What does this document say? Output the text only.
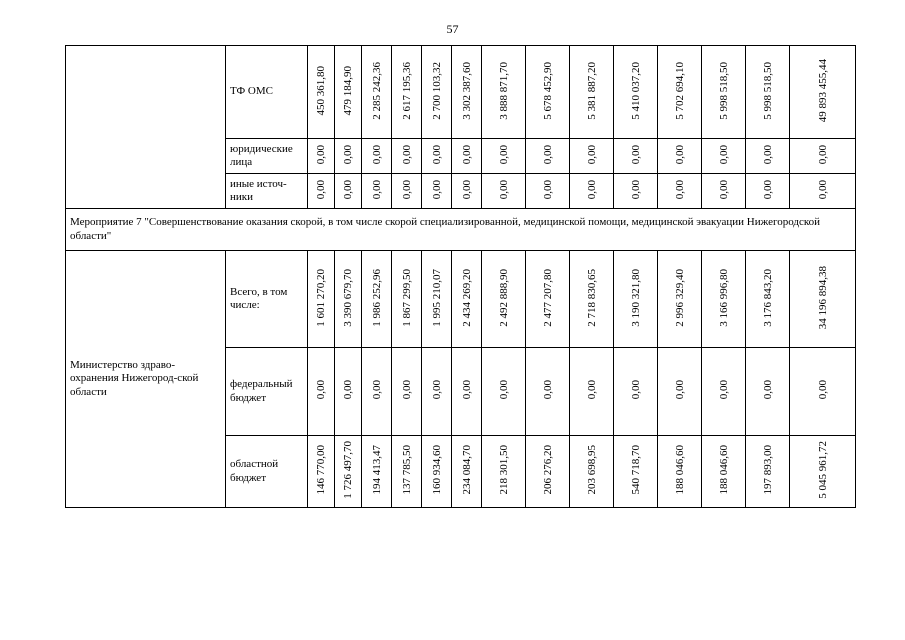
57
	ТФ ОМС	450 361,80	479 184,90	2 285 242,36	2 617 195,36	2 700 103,32	3 302 387,60	3 888 871,70	5 678 452,90	5 381 887,20	5 410 037,20	5 702 694,10	5 998 518,50	5 998 518,50	49 893 455,44
	юридические лица	0,00	0,00	0,00	0,00	0,00	0,00	0,00	0,00	0,00	0,00	0,00	0,00	0,00	0,00
	иные источ-ники	0,00	0,00	0,00	0,00	0,00	0,00	0,00	0,00	0,00	0,00	0,00	0,00	0,00	0,00
Мероприятие 7 "Совершенствование оказания скорой, в том числе скорой специализированной, медицинской помощи, медицинской эвакуации Нижегородской области"															
Министерство здраво-охранения Нижегород-ской области	Всего, в том числе:	1 601 270,20	3 390 679,70	1 986 252,96	1 867 299,50	1 995 210,07	2 434 269,20	2 492 888,90	2 477 207,80	2 718 830,65	3 190 321,80	2 996 329,40	3 166 996,80	3 176 843,20	34 196 894,38
	федеральный бюджет	0,00	0,00	0,00	0,00	0,00	0,00	0,00	0,00	0,00	0,00	0,00	0,00	0,00	0,00
	областной бюджет	146 770,00	1 726 497,70	194 413,47	137 785,50	160 934,60	234 084,70	218 301,50	206 276,20	203 698,95	540 718,70	188 046,60	188 046,60	197 893,00	5 045 961,72
